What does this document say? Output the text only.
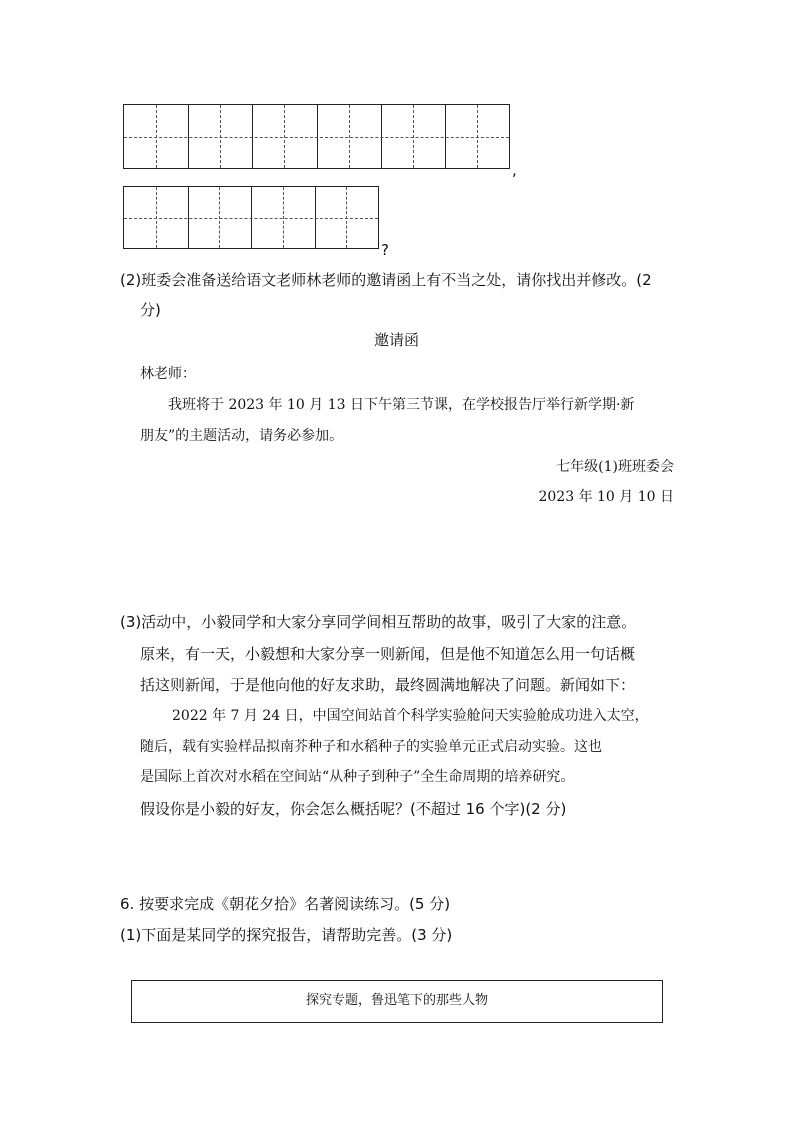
,
?
(2)班委会准备送给语文老师林老师的邀请函上有不当之处，请你找出并修改。(2
分)
邀请函
林老师：
我班将于 2023 年 10 月 13 日下午第三节课，在学校报告厅举行新学期·新
朋友”的主题活动，请务必参加。
七年级(1)班班委会
2023 年 10 月 10 日
(3)活动中，小毅同学和大家分享同学间相互帮助的故事，吸引了大家的注意。
原来，有一天，小毅想和大家分享一则新闻，但是他不知道怎么用一句话概
括这则新闻，于是他向他的好友求助，最终圆满地解决了问题。新闻如下：
2022 年 7 月 24 日，中国空间站首个科学实验舱问天实验舱成功进入太空，
随后，载有实验样品拟南芥种子和水稻种子的实验单元正式启动实验。这也
是国际上首次对水稻在空间站“从种子到种子”全生命周期的培养研究。
假设你是小毅的好友，你会怎么概括呢？(不超过 16 个字)(2 分)
6. 按要求完成《朝花夕拾》名著阅读练习。(5 分)
(1)下面是某同学的探究报告，请帮助完善。(3 分)
探究专题，鲁迅笔下的那些人物
